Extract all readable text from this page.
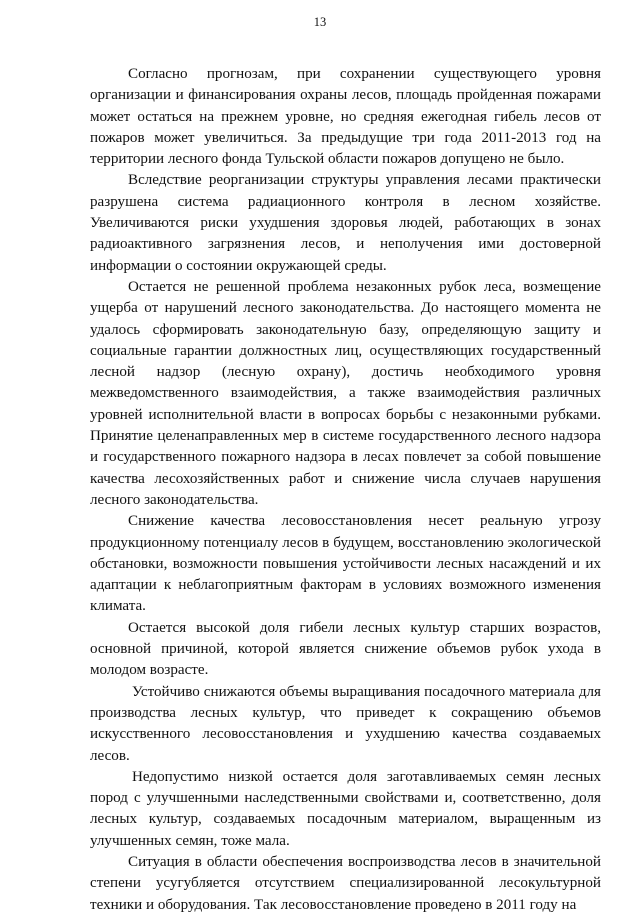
13

Согласно прогнозам, при сохранении существующего уровня организации и финансирования охраны лесов, площадь пройденная пожарами может остаться на прежнем уровне, но средняя ежегодная гибель лесов от пожаров может увеличиться. За предыдущие три года 2011-2013 год на территории лесного фонда Тульской области пожаров допущено не было.

Вследствие реорганизации структуры управления лесами практически разрушена система радиационного контроля в лесном хозяйстве. Увеличиваются риски ухудшения здоровья людей, работающих в зонах радиоактивного загрязнения лесов, и неполучения ими достоверной информации о состоянии окружающей среды.

Остается не решенной проблема незаконных рубок леса, возмещение ущерба от нарушений лесного законодательства. До настоящего момента не удалось сформировать законодательную базу, определяющую защиту и социальные гарантии должностных лиц, осуществляющих государственный лесной надзор (лесную охрану), достичь необходимого уровня межведомственного взаимодействия, а также взаимодействия различных уровней исполнительной власти в вопросах борьбы с незаконными рубками. Принятие целенаправленных мер в системе государственного лесного надзора и государственного пожарного надзора в лесах повлечет за собой повышение качества лесохозяйственных работ и снижение числа случаев нарушения лесного законодательства.

Снижение качества лесовосстановления несет реальную угрозу продукционному потенциалу лесов в будущем, восстановлению экологической обстановки, возможности повышения устойчивости лесных насаждений и их адаптации к неблагоприятным факторам в условиях возможного изменения климата.

Остается высокой доля гибели лесных культур старших возрастов, основной причиной, которой является снижение объемов рубок ухода в молодом возрасте.

Устойчиво снижаются объемы выращивания посадочного материала для производства лесных культур, что приведет к сокращению объемов искусственного лесовосстановления и ухудшению качества создаваемых лесов.

Недопустимо низкой остается доля заготавливаемых семян лесных пород с улучшенными наследственными свойствами и, соответственно, доля лесных культур, создаваемых посадочным материалом, выращенным из улучшенных семян, тоже мала.

Ситуация в области обеспечения воспроизводства лесов в значительной степени усугубляется отсутствием специализированной лесокультурной техники и оборудования. Так лесовосстановление проведено в 2011 году на
